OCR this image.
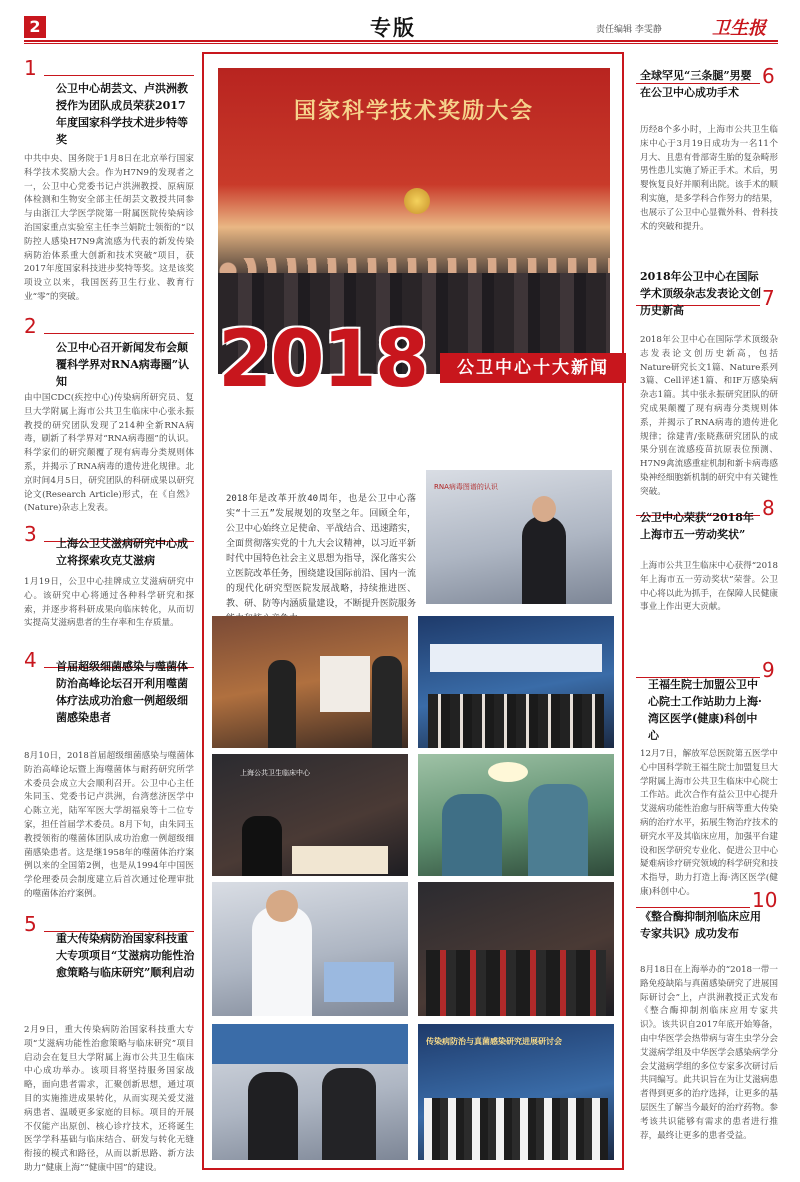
2	专版	责任编辑 李雯静	卫生报
1

公卫中心胡芸文、卢洪洲教授作为团队成员荣获2017年度国家科学技术进步特等奖

中共中央、国务院于1月8日在北京举行国家科学技术奖励大会。作为H7N9的发现者之一，公卫中心党委书记卢洪洲教授、原病原体检测和生物安全部主任胡芸文教授共同参与由浙江大学医学院第一附属医院传染病诊治国家重点实验室主任李兰娟院士领衔的“以防控人感染H7N9禽流感为代表的新发传染病防治体系重大创新和技术突破”项目，获2017年度国家科技进步奖特等奖。这是该奖项设立以来，我国医药卫生行业、教育行业“零”的突破。

2

公卫中心召开新闻发布会颠覆科学界对RNA病毒圈”认知

由中国CDC(疾控中心)传染病所研究员、复旦大学附属上海市公共卫生临床中心张永振教授的研究团队发现了214种全新RNA病毒，刷新了科学界对“RNA病毒圈”的认识。科学家们的研究颠覆了现有病毒分类规则体系，并揭示了RNA病毒的遗传进化规律。北京时间4月5日，研究团队的科研成果以研究论文(Research Article)形式，在《自然》(Nature)杂志上发表。

3 上海公卫艾滋病研究中心成立将探索攻克艾滋病

1月19日，公卫中心挂牌成立艾滋病研究中心。该研究中心将通过各种科学研究和探索，并逐步将科研成果向临床转化，从而切实提高艾滋病患者的生存率和生存质量。

4 首届超级细菌感染与噬菌体防治高峰论坛召开利用噬菌体疗法成功治愈一例超级细菌感染患者

8月10日，2018首届超级细菌感染与噬菌体防治高峰论坛暨上海噬菌体与耐药研究所学术委员会成立大会顺利召开。公卫中心主任朱同玉、党委书记卢洪洲，台湾慈济医学中心陈立光，陆军军医大学胡福泉等十二位专家，担任首届学术委员。8月下旬，由朱同玉教授领衔的噬菌体团队成功治愈一例超级细菌感染患者。这是继1958年的噬菌体治疗案例以来的全国第2例，也是从1994年中国医学伦理委员会制度建立后首次通过伦理审批的噬菌体治疗案例。

5

重大传染病防治国家科技重大专项项目“艾滋病功能性治愈策略与临床研究”顺利启动

2月9日，重大传染病防治国家科技重大专项“艾滋病功能性治愈策略与临床研究”项目启动会在复旦大学附属上海市公共卫生临床中心成功举办。该项目将坚持服务国家战略，面向患者需求，汇聚创新思想，通过项目的实施推进成果转化，从而实现关爱艾滋病患者、温暖更多家庭的目标。项目的开展不仅能产出原创、核心诊疗技术，还将诞生医学学科基础与临床结合、研发与转化无缝衔接的模式和路径，从而以新思路、新方法助力“健康上海”“健康中国”的建设。

国家科学技术奖励大会
2018	公卫中心十大新闻

2018年是改革开放40周年，也是公卫中心落实“十三五”发展规划的攻坚之年。回顾全年，公卫中心始终立足使命、平战结合、迅速踏实，全面贯彻落实党的十九大会议精神，以习近平新时代中国特色社会主义思想为指导，深化落实公立医院改革任务，围绕建设国际前沿、国内一流的现代化研究型医院发展战略，持续推进医、教、研、防等内涵质量建设，不断提升医院服务

RNA病毒图谱的认识
上海公共卫生临床中心
传染病防治与真菌感染研究进展研讨会
6

全球罕见“三条腿”男婴在公卫中心成功手术

历经8个多小时，上海市公共卫生临床中心于3月19日成功为一名11个月大、且患有骨部寄生胎的复杂畸形男性患儿实施了矫正手术。术后，男婴恢复良好并顺利出院。该手术的顺利实施，是多学科合作努力的结果，也展示了公卫中心显微外科、骨科技术的突破和提升。

7

2018年公卫中心在国际学术顶级杂志发表论文创历史新高

2018年公卫中心在国际学术顶级杂志发表论文创历史新高，包括Nature研究长文1篇、Nature系列3篇、Cell评述1篇、和IF万感染病杂志1篇。其中张永振研究团队的研究成果颠覆了现有病毒分类规则体系，并揭示了RNA病毒的遗传进化规律；徐建青/张晓燕研究团队的成果分别在流感疫苗抗原表位预测、H7N9禽流感重症机制和新卡病毒感染神经细胞新机制的研究中有关键性突破。

8

公卫中心荣获“2018年上海市五一劳动奖状”

上海市公共卫生临床中心获得“2018年上海市五一劳动奖状”荣誉。公卫中心将以此为抓手，在保障人民健康事业上作出更大贡献。

9

王福生院士加盟公卫中心院士工作站助力上海·湾区医学(健康)科创中心

12月7日，解放军总医院第五医学中心中国科学院王福生院士加盟复旦大学附属上海市公共卫生临床中心院士工作站。此次合作有益公卫中心提升艾滋病功能性治愈与肝病等重大传染病的治疗水平，拓展生物治疗技术的研究水平及其临床应用，加强平台建设和医学研究专业化、促进公卫中心疑难病诊疗研究领域的科学研究和技术指导，助力打造上海·湾区医学(健康)科创中心。	10

《整合酶抑制剂临床应用专家共识》成功发布

8月18日在上海举办的“2018一带一路免疫缺陷与真菌感染研究了进展国际研讨会”上，卢洪洲教授正式发布《整合酶抑制剂临床应用专家共识》。该共识自2017年底开始筹备，由中华医学会热带病与寄生虫学分会艾滋病学组及中华医学会感染病学分会艾滋病学组的多位专家多次研讨后共同编写。此共识旨在为让艾滋病患者得到更多的治疗选择，让更多的基层医生了解当今最好的治疗药物。参考该共识能够有需求的患者进行推荐，最终让更多的患者受益。
